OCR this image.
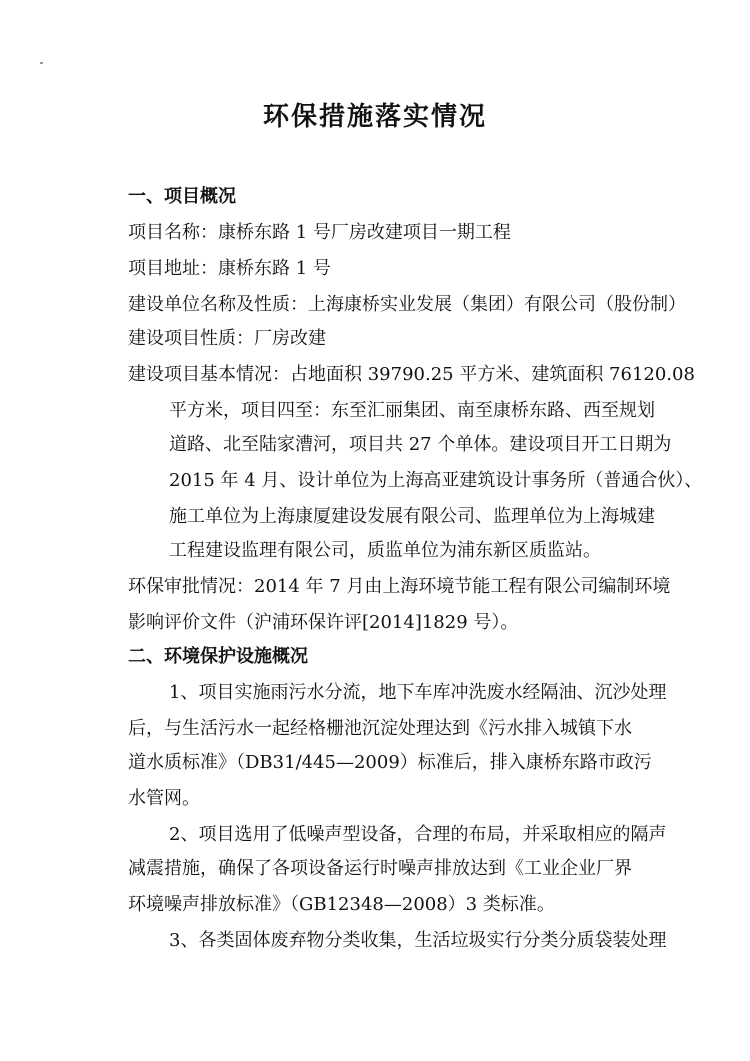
环保措施落实情况
一、项目概况
项目名称：康桥东路 1 号厂房改建项目一期工程
项目地址：康桥东路 1 号
建设单位名称及性质：上海康桥实业发展（集团）有限公司（股份制）
建设项目性质：厂房改建
建设项目基本情况：占地面积 39790.25 平方米、建筑面积 76120.08
平方米，项目四至：东至汇丽集团、南至康桥东路、西至规划
道路、北至陆家漕河，项目共 27 个单体。建设项目开工日期为
2015 年 4 月、设计单位为上海高亚建筑设计事务所（普通合伙）、
施工单位为上海康厦建设发展有限公司、监理单位为上海城建
工程建设监理有限公司，质监单位为浦东新区质监站。
环保审批情况：2014 年 7 月由上海环境节能工程有限公司编制环境
影响评价文件（沪浦环保许评[2014]1829 号）。
二、环境保护设施概况
1、项目实施雨污水分流，地下车库冲洗废水经隔油、沉沙处理
后，与生活污水一起经格栅池沉淀处理达到《污水排入城镇下水
道水质标准》（DB31/445—2009）标准后，排入康桥东路市政污
水管网。
2、项目选用了低噪声型设备，合理的布局，并采取相应的隔声
减震措施，确保了各项设备运行时噪声排放达到《工业企业厂界
环境噪声排放标准》（GB12348—2008）3 类标准。
3、各类固体废弃物分类收集，生活垃圾实行分类分质袋装处理
